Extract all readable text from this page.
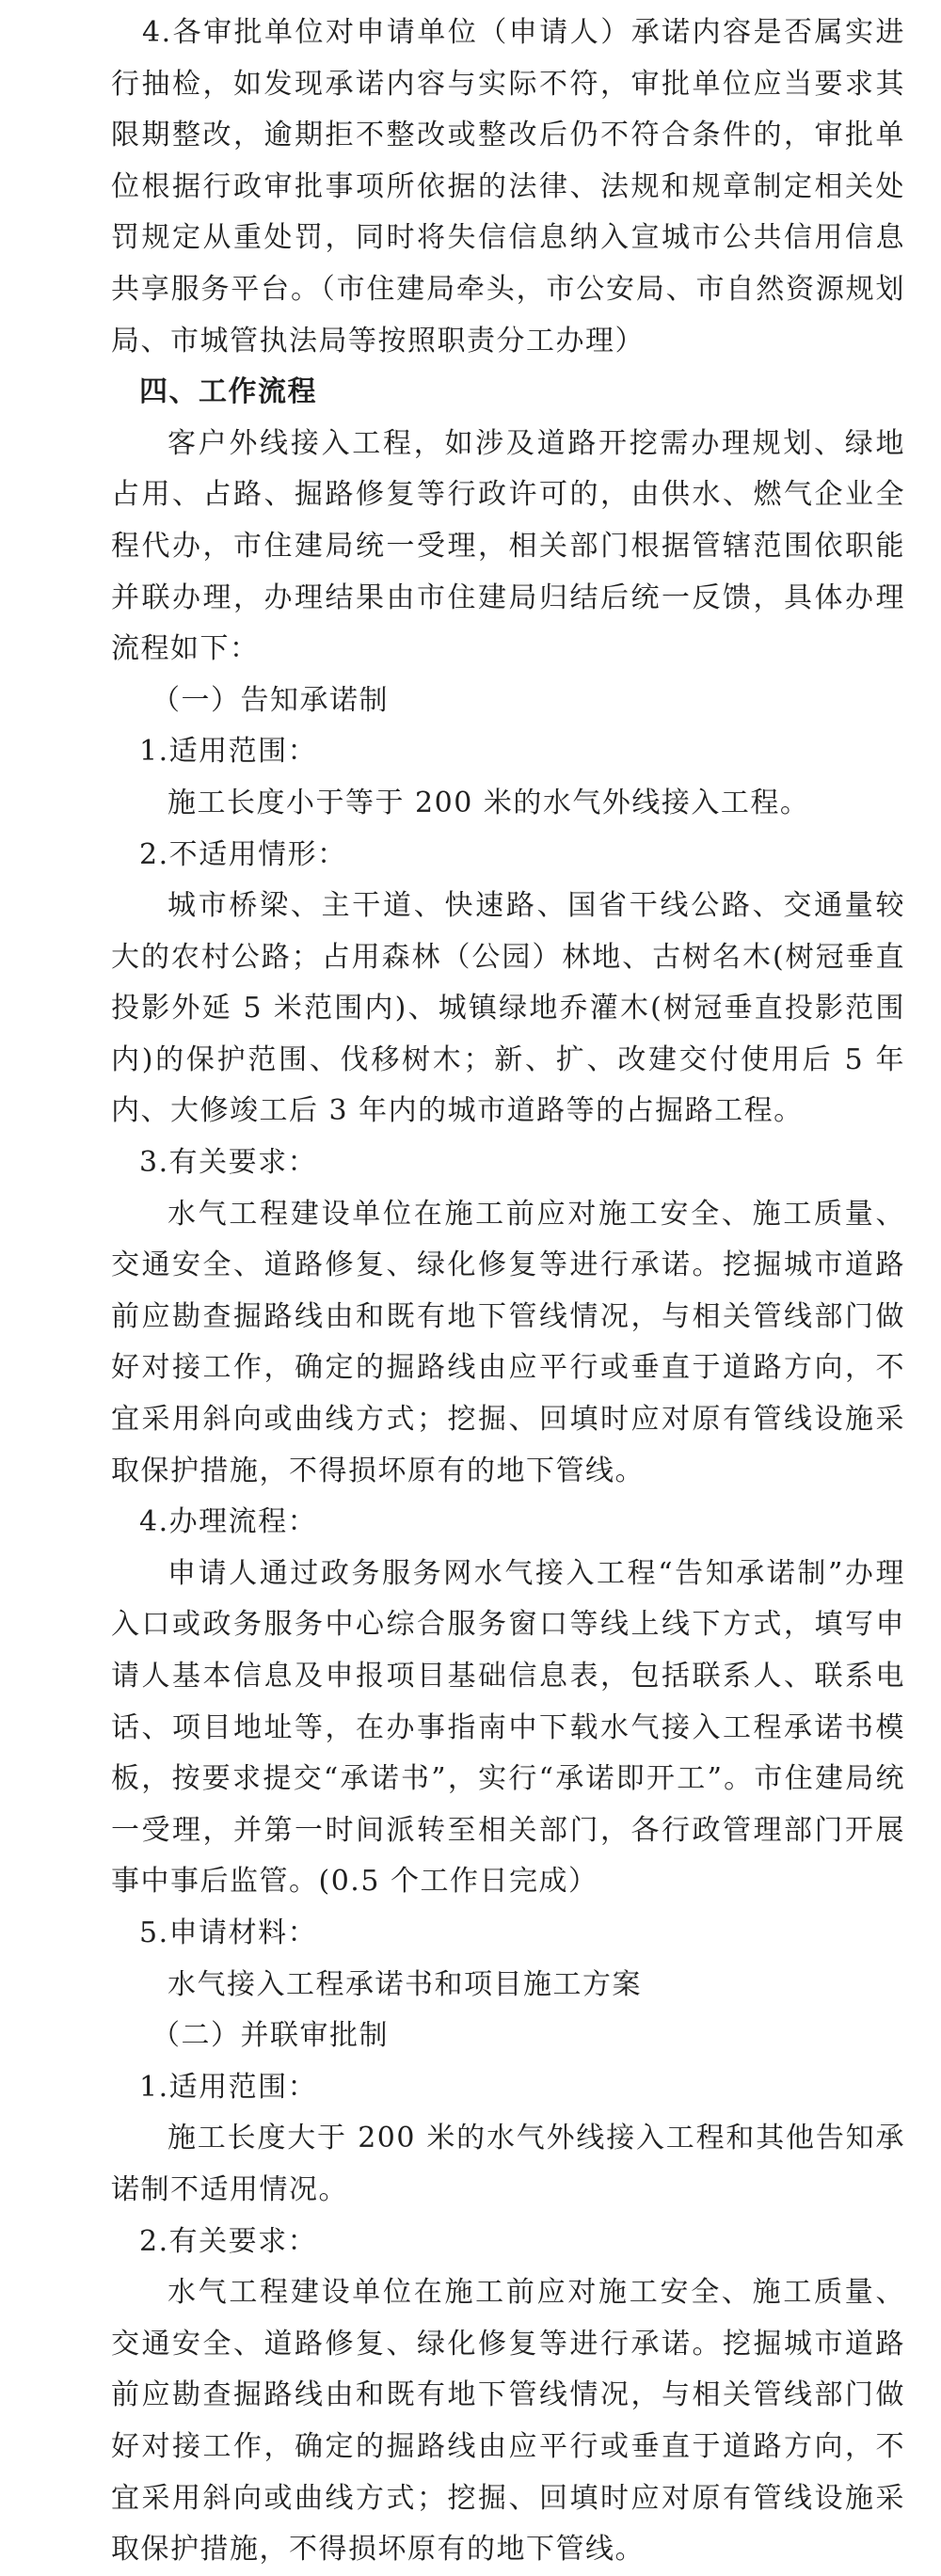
4.各审批单位对申请单位（申请人）承诺内容是否属实进行抽检，如发现承诺内容与实际不符，审批单位应当要求其限期整改，逾期拒不整改或整改后仍不符合条件的，审批单位根据行政审批事项所依据的法律、法规和规章制定相关处罚规定从重处罚，同时将失信信息纳入宣城市公共信用信息共享服务平台。（市住建局牵头，市公安局、市自然资源规划局、市城管执法局等按照职责分工办理）

四、工作流程

客户外线接入工程，如涉及道路开挖需办理规划、绿地占用、占路、掘路修复等行政许可的，由供水、燃气企业全程代办，市住建局统一受理，相关部门根据管辖范围依职能并联办理，办理结果由市住建局归结后统一反馈，具体办理流程如下：

（一）告知承诺制

1.适用范围：

施工长度小于等于 200 米的水气外线接入工程。

2.不适用情形：

城市桥梁、主干道、快速路、国省干线公路、交通量较大的农村公路；占用森林（公园）林地、古树名木(树冠垂直投影外延 5 米范围内)、城镇绿地乔灌木(树冠垂直投影范围内)的保护范围、伐移树木；新、扩、改建交付使用后 5 年内、大修竣工后 3 年内的城市道路等的占掘路工程。

3.有关要求：

水气工程建设单位在施工前应对施工安全、施工质量、交通安全、道路修复、绿化修复等进行承诺。挖掘城市道路前应勘查掘路线由和既有地下管线情况，与相关管线部门做好对接工作，确定的掘路线由应平行或垂直于道路方向，不宜采用斜向或曲线方式；挖掘、回填时应对原有管线设施采取保护措施，不得损坏原有的地下管线。

4.办理流程：

申请人通过政务服务网水气接入工程“告知承诺制”办理入口或政务服务中心综合服务窗口等线上线下方式，填写申请人基本信息及申报项目基础信息表，包括联系人、联系电话、项目地址等，在办事指南中下载水气接入工程承诺书模板，按要求提交“承诺书”，实行“承诺即开工”。市住建局统一受理，并第一时间派转至相关部门，各行政管理部门开展事中事后监管。(0.5 个工作日完成）

5.申请材料：

水气接入工程承诺书和项目施工方案

（二）并联审批制

1.适用范围：

施工长度大于 200 米的水气外线接入工程和其他告知承诺制不适用情况。

2.有关要求：

水气工程建设单位在施工前应对施工安全、施工质量、交通安全、道路修复、绿化修复等进行承诺。挖掘城市道路前应勘查掘路线由和既有地下管线情况，与相关管线部门做好对接工作，确定的掘路线由应平行或垂直于道路方向，不宜采用斜向或曲线方式；挖掘、回填时应对原有管线设施采取保护措施，不得损坏原有的地下管线。
